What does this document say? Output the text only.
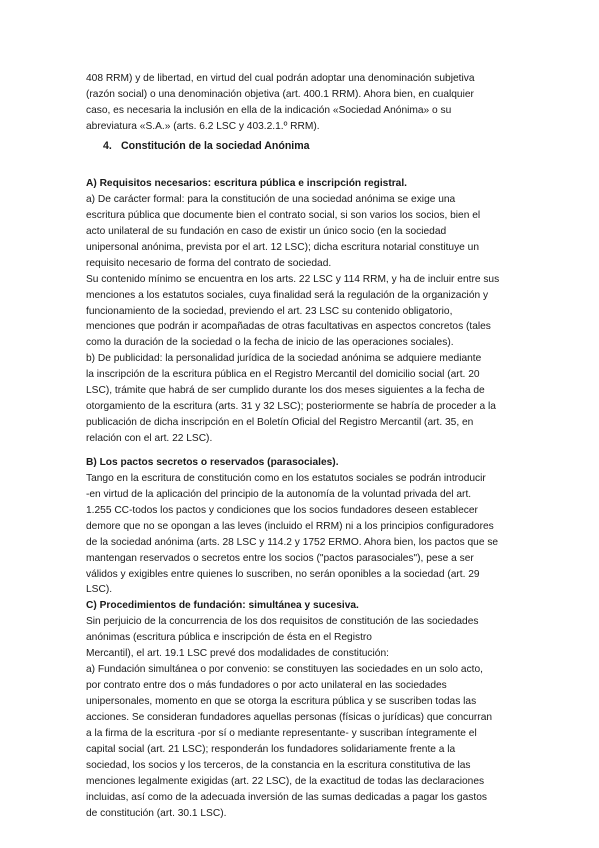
408 RRM) y de libertad, en virtud del cual podrán adoptar una denominación subjetiva
(razón social) o una denominación objetiva (art. 400.1 RRM). Ahora bien, en cualquier
caso, es necesaria la inclusión en ella de la indicación «Sociedad Anónima» o su
abreviatura «S.A.» (arts. 6.2 LSC y 403.2.1.º RRM).
4. Constitución de la sociedad Anónima
A) Requisitos necesarios: escritura pública e inscripción registral.
a) De carácter formal: para la constitución de una sociedad anónima se exige una
escritura pública que documente bien el contrato social, si son varios los socios, bien el
acto unilateral de su fundación en caso de existir un único socio (en la sociedad
unipersonal anónima, prevista por el art. 12 LSC); dicha escritura notarial constituye un
requisito necesario de forma del contrato de sociedad.
Su contenido mínimo se encuentra en los arts. 22 LSC y 114 RRM, y ha de incluir entre sus
menciones a los estatutos sociales, cuya finalidad será la regulación de la organización y
funcionamiento de la sociedad, previendo el art. 23 LSC su contenido obligatorio,
menciones que podrán ir acompañadas de otras facultativas en aspectos concretos (tales
como la duración de la sociedad o la fecha de inicio de las operaciones sociales).
b) De publicidad: la personalidad jurídica de la sociedad anónima se adquiere mediante
la inscripción de la escritura pública en el Registro Mercantil del domicilio social (art. 20
LSC), trámite que habrá de ser cumplido durante los dos meses siguientes a la fecha de
otorgamiento de la escritura (arts. 31 y 32 LSC); posteriormente se habría de proceder a la
publicación de dicha inscripción en el Boletín Oficial del Registro Mercantil (art. 35, en
relación con el art. 22 LSC).
B) Los pactos secretos o reservados (parasociales).
Tango en la escritura de constitución como en los estatutos sociales se podrán introducir
-en virtud de la aplicación del principio de la autonomía de la voluntad privada del art.
1.255 CC-todos los pactos y condiciones que los socios fundadores deseen establecer
demore que no se opongan a las leves (incluido el RRM) ni a los principios configuradores
de la sociedad anónima (arts. 28 LSC y 114.2 y 1752 ERMO. Ahora bien, los pactos que se
mantengan reservados o secretos entre los socios ("pactos parasociales"), pese a ser
válidos y exigibles entre quienes lo suscriben, no serán oponibles a la sociedad (art. 29
LSC).
C) Procedimientos de fundación: simultánea y sucesiva.
Sin perjuicio de la concurrencia de los dos requisitos de constitución de las sociedades
anónimas (escritura pública e inscripción de ésta en el Registro
Mercantil), el art. 19.1 LSC prevé dos modalidades de constitución:
a) Fundación simultánea o por convenio: se constituyen las sociedades en un solo acto,
por contrato entre dos o más fundadores o por acto unilateral en las sociedades
unipersonales, momento en que se otorga la escritura pública y se suscriben todas las
acciones. Se consideran fundadores aquellas personas (físicas o jurídicas) que concurran
a la firma de la escritura -por sí o mediante representante- y suscriban íntegramente el
capital social (art. 21 LSC); responderán los fundadores solidariamente frente a la
sociedad, los socios y los terceros, de la constancia en la escritura constitutiva de las
menciones legalmente exigidas (art. 22 LSC), de la exactitud de todas las declaraciones
incluidas, así como de la adecuada inversión de las sumas dedicadas a pagar los gastos
de constitución (art. 30.1 LSC).
